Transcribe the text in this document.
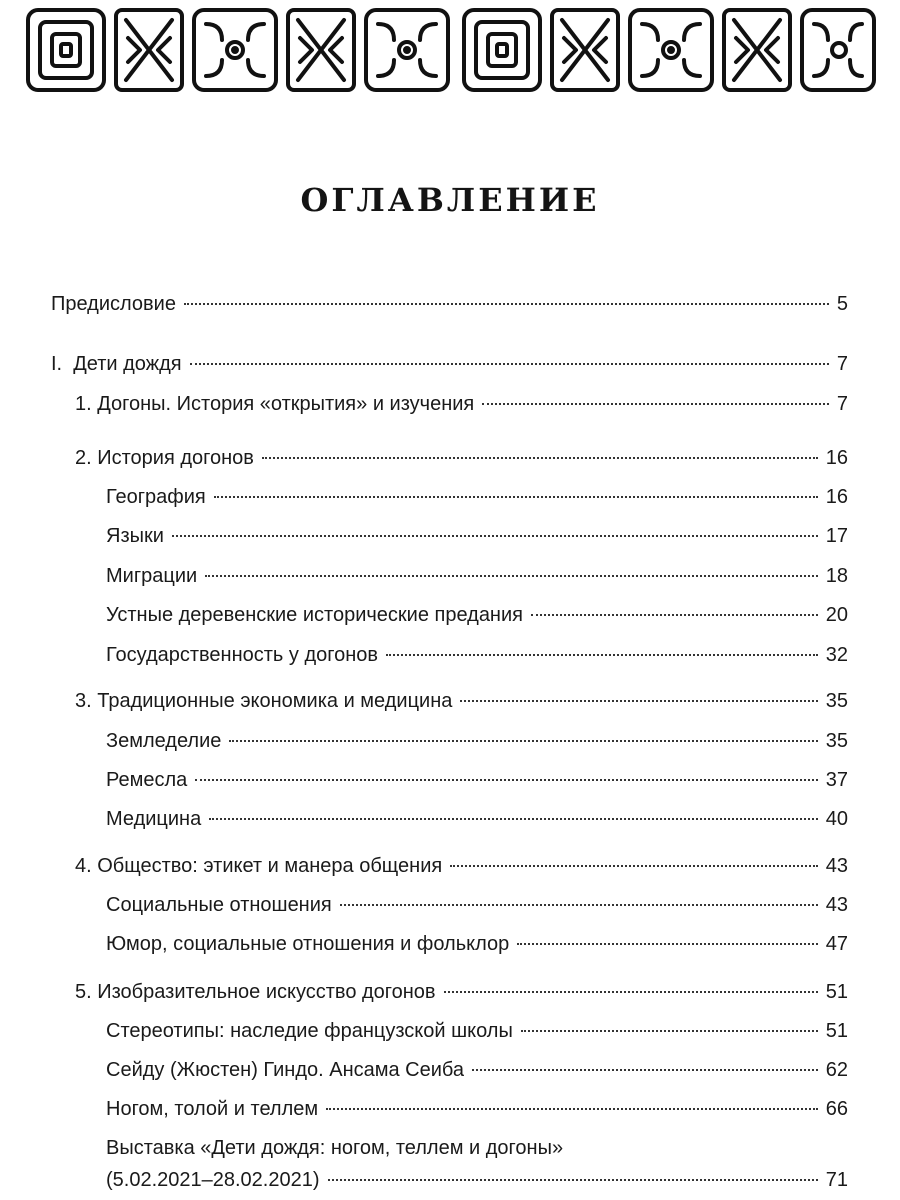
оглавление
Предисловие	5
I.  Дети дождя	7
1. Догоны. История «открытия» и изучения	7
2. История догонов	16
География	16
Языки	17
Миграции	18
Устные деревенские исторические предания	20
Государственность у догонов	32
3. Традиционные экономика и медицина	35
Земледелие	35
Ремесла	37
Медицина	40
4. Общество: этикет и манера общения	43
Социальные отношения	43
Юмор, социальные отношения и фольклор	47
5. Изобразительное искусство догонов	51
Стереотипы: наследие французской школы	51
Сейду (Жюстен) Гиндо. Ансама Сеиба	62
Ногом, толой и теллем	66
Выставка «Дети дождя: ногом, теллем и догоны»
(5.02.2021–28.02.2021)	71
